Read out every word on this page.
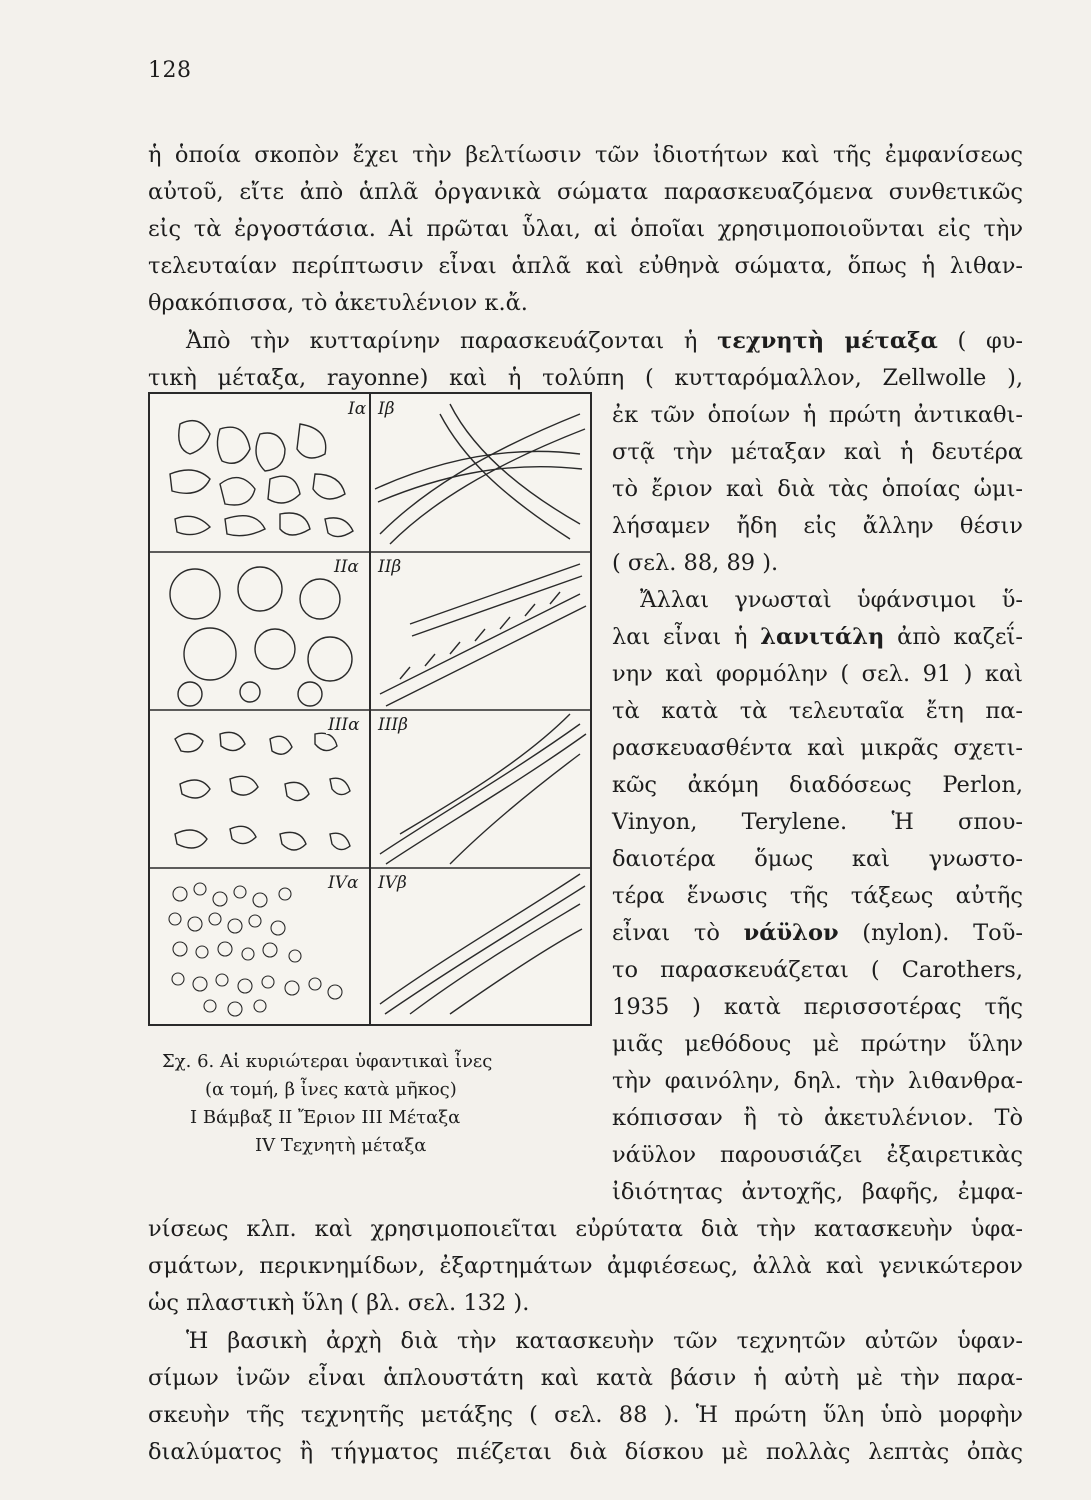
128
ἡ ὁποία σκοπὸν ἔχει τὴν βελτίωσιν τῶν ἰδιοτήτων καὶ τῆς ἐμφανίσεως
αὐτοῦ, εἴτε ἀπὸ ἁπλᾶ ὀργανικὰ σώματα παρασκευαζόμενα συνθετικῶς
εἰς τὰ ἐργοστάσια. Αἱ πρῶται ὗλαι, αἱ ὁποῖαι χρησιμοποιοῦνται εἰς τὴν
τελευταίαν περίπτωσιν εἶναι ἁπλᾶ καὶ εὐθηνὰ σώματα, ὅπως ἡ λιθαν-
θρακόπισσα, τὸ ἀκετυλένιον κ.ἄ.
Ἀπὸ τὴν κυτταρίνην παρασκευάζονται ἡ τεχνητὴ μέταξα ( φυ-
τικὴ μέταξα, rayonne) καὶ ἡ τολύπη ( κυτταρόμαλλον, Zellwolle ),
Ια Ιβ
ΙΙα ΙΙβ
ΙΙΙα ΙΙΙβ
ΙVα ΙVβ
Σχ. 6. Αἱ κυριώτεραι ὑφαντικαὶ ἶνες
(α τομή, β ἶνες κατὰ μῆκος)
Ι Βάμβαξ ΙΙ Ἔριον ΙΙΙ Μέταξα
ΙV Τεχνητὴ μέταξα
ἐκ τῶν ὁποίων ἡ πρώτη ἀντικαθι-
στᾷ τὴν μέταξαν καὶ ἡ δευτέρα
τὸ ἔριον καὶ διὰ τὰς ὁποίας ὡμι-
λήσαμεν ἤδη εἰς ἄλλην θέσιν
( σελ. 88, 89 ).
Ἄλλαι γνωσταὶ ὑφάνσιμοι ὕ-
λαι εἶναι ἡ λανιτάλη ἀπὸ καζεΐ-
νην καὶ φορμόλην ( σελ. 91 ) καὶ
τὰ κατὰ τὰ τελευταῖα ἔτη πα-
ρασκευασθέντα καὶ μικρᾶς σχετι-
κῶς ἀκόμη διαδόσεως Perlon,
Vinyon, Terylene. Ἡ σπου-
δαιοτέρα ὅμως καὶ γνωστο-
τέρα ἕνωσις τῆς τάξεως αὐτῆς
εἶναι τὸ νάϋλον (nylon). Τοῦ-
το παρασκευάζεται ( Carothers,
1935 ) κατὰ περισσοτέρας τῆς
μιᾶς μεθόδους μὲ πρώτην ὕλην
τὴν φαινόλην, δηλ. τὴν λιθανθρα-
κόπισσαν ἢ τὸ ἀκετυλένιον. Τὸ
νάϋλον παρουσιάζει ἐξαιρετικὰς
ἰδιότητας ἀντοχῆς, βαφῆς, ἐμφα-
νίσεως κλπ. καὶ χρησιμοποιεῖται εὐρύτατα διὰ τὴν κατασκευὴν ὑφα-
σμάτων, περικνημίδων, ἐξαρτημάτων ἀμφιέσεως, ἀλλὰ καὶ γενικώτερον
ὡς πλαστικὴ ὕλη ( βλ. σελ. 132 ).
Ἡ βασικὴ ἀρχὴ διὰ τὴν κατασκευὴν τῶν τεχνητῶν αὐτῶν ὑφαν-
σίμων ἰνῶν εἶναι ἁπλουστάτη καὶ κατὰ βάσιν ἡ αὐτὴ μὲ τὴν παρα-
σκευὴν τῆς τεχνητῆς μετάξης ( σελ. 88 ). Ἡ πρώτη ὕλη ὑπὸ μορφὴν
διαλύματος ἢ τήγματος πιέζεται διὰ δίσκου μὲ πολλὰς λεπτὰς ὀπὰς
